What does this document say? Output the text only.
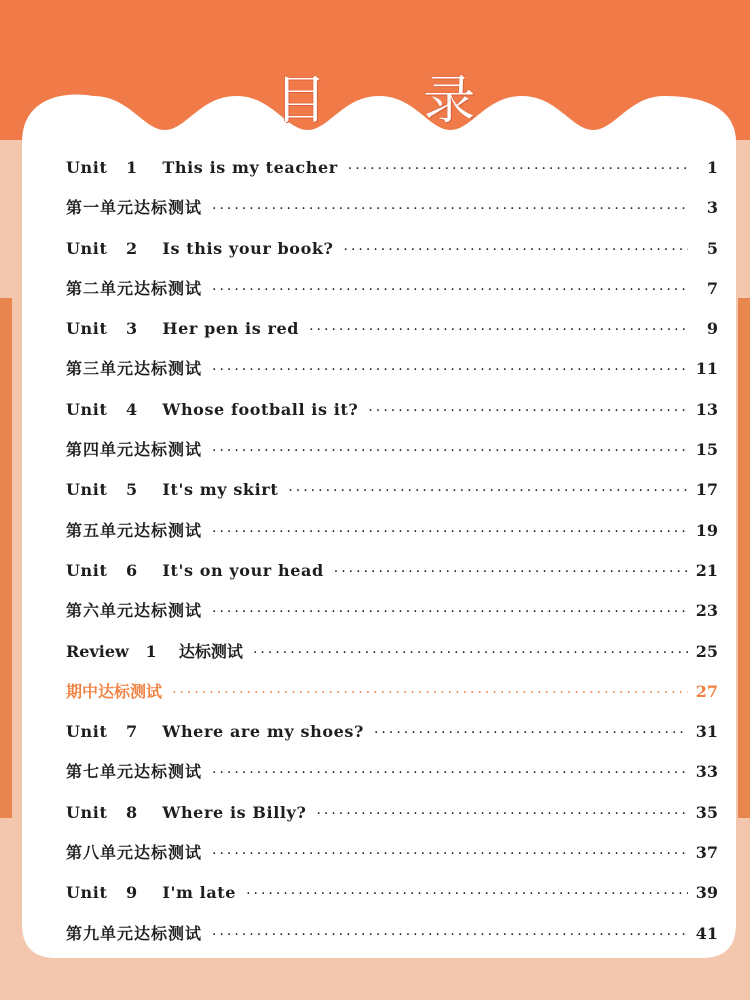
目 录
Unit   1    This is my teacher ·····	1
第一单元达标测试 ·····	3
Unit   2    Is this your book? ·····	5
第二单元达标测试 ·····	7
Unit   3    Her pen is red ·····	9
第三单元达标测试 ·····	11
Unit   4    Whose football is it? ·····	13
第四单元达标测试 ·····	15
Unit   5    It's my skirt ·····	17
第五单元达标测试 ·····	19
Unit   6    It's on your head ·····	21
第六单元达标测试 ·····	23
Review   1    达标测试 ·····	25
期中达标测试 ·····	27
Unit   7    Where are my shoes? ·····	31
第七单元达标测试 ·····	33
Unit   8    Where is Billy? ·····	35
第八单元达标测试 ·····	37
Unit   9    I'm late ·····	39
第九单元达标测试 ·····	41
